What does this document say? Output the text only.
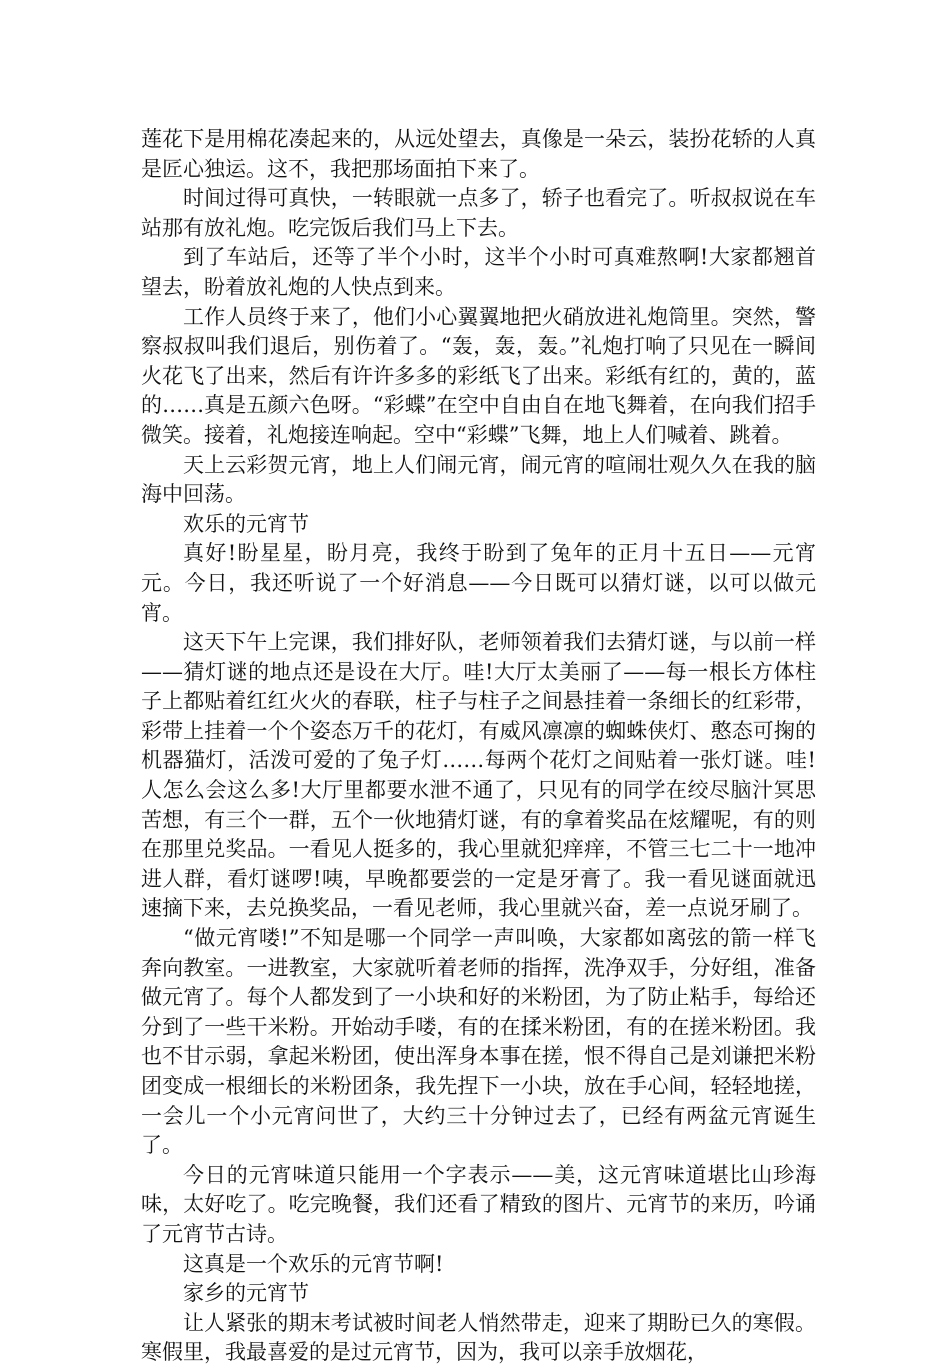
莲花下是用棉花凑起来的，从远处望去，真像是一朵云，装扮花轿的人真是匠心独运。这不，我把那场面拍下来了。

时间过得可真快，一转眼就一点多了，轿子也看完了。听叔叔说在车站那有放礼炮。吃完饭后我们马上下去。

到了车站后，还等了半个小时，这半个小时可真难熬啊!大家都翘首望去，盼着放礼炮的人快点到来。

工作人员终于来了，他们小心翼翼地把火硝放进礼炮筒里。突然，警察叔叔叫我们退后，别伤着了。“轰，轰，轰。”礼炮打响了只见在一瞬间火花飞了出来，然后有许许多多的彩纸飞了出来。彩纸有红的，黄的，蓝的……真是五颜六色呀。“彩蝶”在空中自由自在地飞舞着，在向我们招手微笑。接着，礼炮接连响起。空中“彩蝶”飞舞，地上人们喊着、跳着。

天上云彩贺元宵，地上人们闹元宵，闹元宵的喧闹壮观久久在我的脑海中回荡。

欢乐的元宵节

真好!盼星星，盼月亮，我终于盼到了兔年的正月十五日——元宵元。今日，我还听说了一个好消息——今日既可以猜灯谜，以可以做元宵。

这天下午上完课，我们排好队，老师领着我们去猜灯谜，与以前一样——猜灯谜的地点还是设在大厅。哇!大厅太美丽了——每一根长方体柱子上都贴着红红火火的春联，柱子与柱子之间悬挂着一条细长的红彩带，彩带上挂着一个个姿态万千的花灯，有威风凛凛的蜘蛛侠灯、憨态可掬的机器猫灯，活泼可爱的了兔子灯……每两个花灯之间贴着一张灯谜。哇!人怎么会这么多!大厅里都要水泄不通了，只见有的同学在绞尽脑汁冥思苦想，有三个一群，五个一伙地猜灯谜，有的拿着奖品在炫耀呢，有的则在那里兑奖品。一看见人挺多的，我心里就犯痒痒，不管三七二十一地冲进人群，看灯谜啰!咦，早晚都要尝的一定是牙膏了。我一看见谜面就迅速摘下来，去兑换奖品，一看见老师，我心里就兴奋，差一点说牙刷了。

“做元宵喽!”不知是哪一个同学一声叫唤，大家都如离弦的箭一样飞奔向教室。一进教室，大家就听着老师的指挥，洗净双手，分好组，准备做元宵了。每个人都发到了一小块和好的米粉团，为了防止粘手，每给还分到了一些干米粉。开始动手喽，有的在揉米粉团，有的在搓米粉团。我也不甘示弱，拿起米粉团，使出浑身本事在搓，恨不得自己是刘谦把米粉团变成一根细长的米粉团条，我先捏下一小块，放在手心间，轻轻地搓，一会儿一个小元宵问世了，大约三十分钟过去了，已经有两盆元宵诞生了。

今日的元宵味道只能用一个字表示——美，这元宵味道堪比山珍海味，太好吃了。吃完晚餐，我们还看了精致的图片、元宵节的来历，吟诵了元宵节古诗。

这真是一个欢乐的元宵节啊!

家乡的元宵节

让人紧张的期末考试被时间老人悄然带走，迎来了期盼已久的寒假。寒假里，我最喜爱的是过元宵节，因为，我可以亲手放烟花，
